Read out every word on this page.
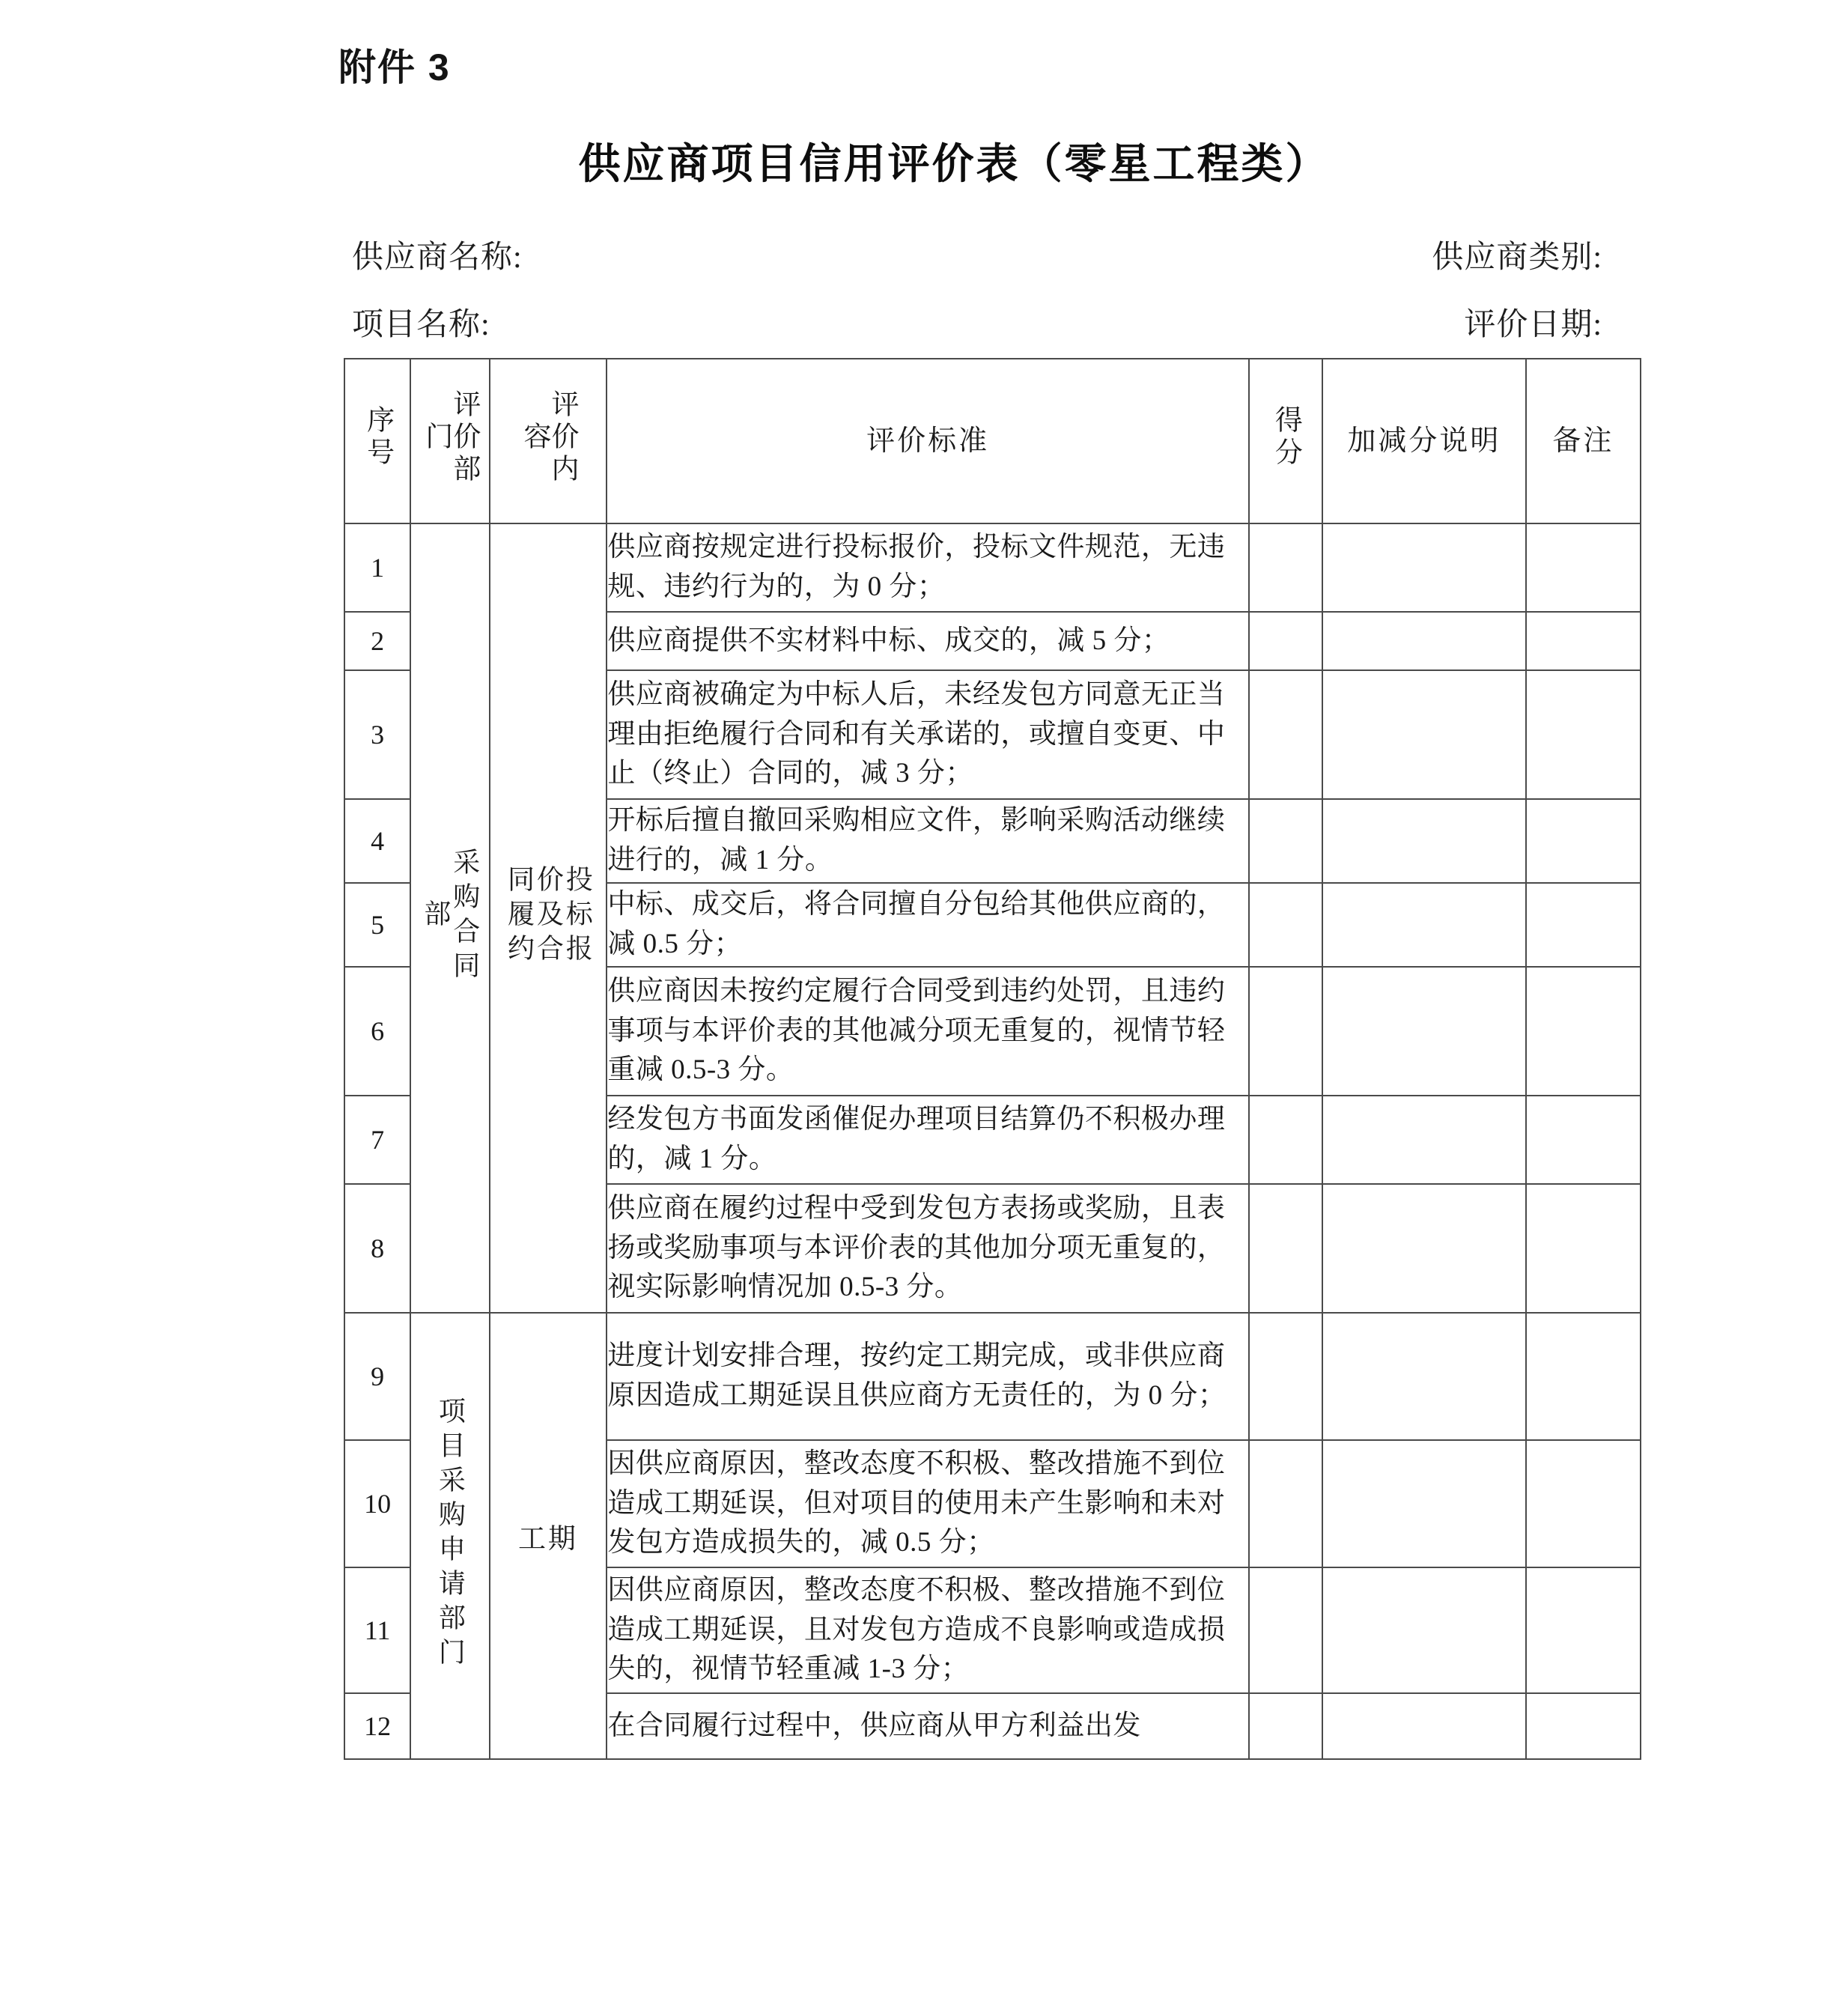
附件 3
供应商项目信用评价表（零星工程类）
供应商名称:	供应商类别:
项目名称:	评价日期:
序号	评价部门	评价内容	评价标准	得分	加减分说明	备注
1	采购合同部	投标报价及合同履约	供应商按规定进行投标报价，投标文件规范，无违规、违约行为的，为 0 分；			
2			供应商提供不实材料中标、成交的，减 5 分；			
3			供应商被确定为中标人后，未经发包方同意无正当理由拒绝履行合同和有关承诺的，或擅自变更、中止（终止）合同的，减 3 分；			
4			开标后擅自撤回采购相应文件，影响采购活动继续进行的，减 1 分。			
5			中标、成交后，将合同擅自分包给其他供应商的，减 0.5 分；			
6			供应商因未按约定履行合同受到违约处罚，且违约事项与本评价表的其他减分项无重复的，视情节轻重减 0.5-3 分。			
7			经发包方书面发函催促办理项目结算仍不积极办理的，减 1 分。			
8			供应商在履约过程中受到发包方表扬或奖励，且表扬或奖励事项与本评价表的其他加分项无重复的，视实际影响情况加 0.5-3 分。			
9	项目采购申请部门	工期	进度计划安排合理，按约定工期完成，或非供应商原因造成工期延误且供应商方无责任的，为 0 分；			
10			因供应商原因，整改态度不积极、整改措施不到位造成工期延误，但对项目的使用未产生影响和未对发包方造成损失的，减 0.5 分；			
11			因供应商原因，整改态度不积极、整改措施不到位造成工期延误，且对发包方造成不良影响或造成损失的，视情节轻重减 1-3 分；			
12			在合同履行过程中，供应商从甲方利益出发			
